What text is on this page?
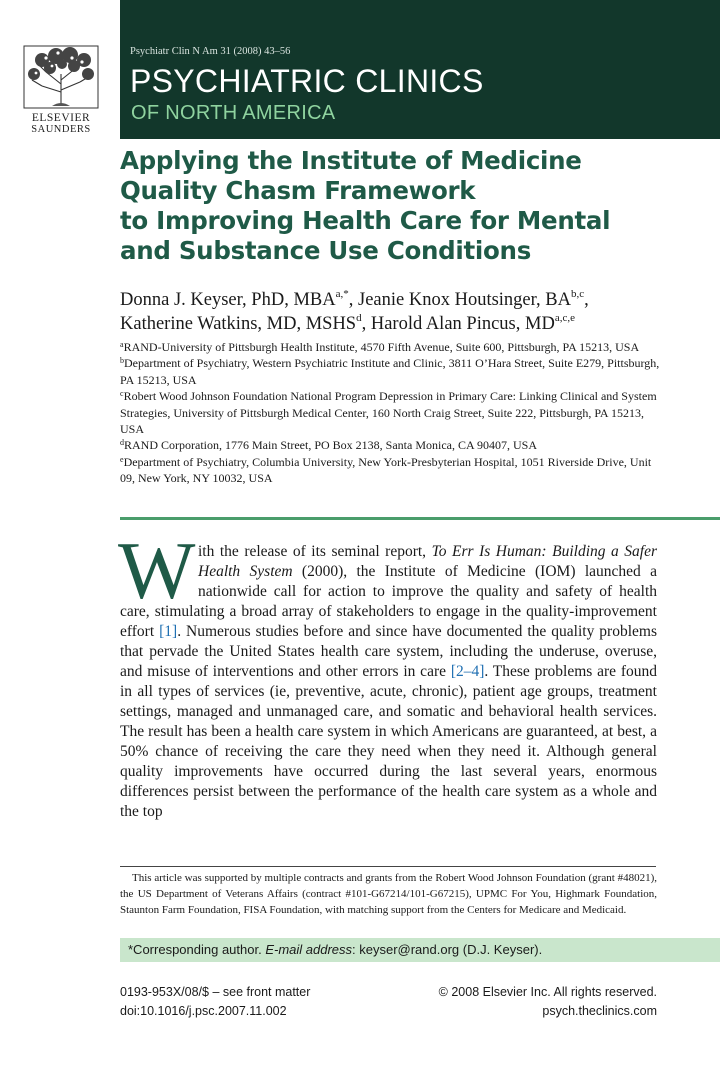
ELSEVIER
SAUNDERS
Psychiatr Clin N Am 31 (2008) 43–56
PSYCHIATRIC CLINICS
OF NORTH AMERICA
Applying the Institute of Medicine
Quality Chasm Framework
to Improving Health Care for Mental
and Substance Use Conditions
Donna J. Keyser, PhD, $MBA^{a,*}$, Jeanie Knox Houtsinger, BA$^{b,c}$,
Katherine Watkins, MD, MSHS$^d$, Harold Alan Pincus, MD$^{a,c,e}$

$^a$RAND-University of Pittsburgh Health Institute, 4570 Fifth Avenue, Suite 600, Pittsburgh, PA 15213, USA

$^b$Department of Psychiatry, Western Psychiatric Institute and Clinic, 3811 O’Hara Street, Suite E279, Pittsburgh, PA 15213, USA

$^c$Robert Wood Johnson Foundation National Program Depression in Primary Care: Linking Clinical and System Strategies, University of Pittsburgh Medical Center, 160 North Craig Street, Suite 222, Pittsburgh, PA 15213, USA

$^d$RAND Corporation, 1776 Main Street, PO Box 2138, Santa Monica, CA 90407, USA

$^e$Department of Psychiatry, Columbia University, New York-Presbyterian Hospital, 1051 Riverside Drive, Unit 09, New York, NY 10032, USA

W ith the release of its seminal report, To Err Is Human: Building a Safer Health System (2000), the Institute of Medicine (IOM) launched a nationwide call for action to improve the quality and safety of health care, stimulating a broad array of stakeholders to engage in the quality-improvement effort [1]. Numerous studies before and since have documented the quality problems that pervade the United States health care system, including the underuse, overuse, and misuse of interventions and other errors in care [2–4]. These problems are found in all types of services (ie, preventive, acute, chronic), patient age groups, treatment settings, managed and unmanaged care, and somatic and behavioral health services. The result has been a health care system in which Americans are guaranteed, at best, a 50% chance of receiving the care they need when they need it. Although general quality improvements have occurred during the last several years, enormous differences persist between the performance of the health care system as a whole and the top
This article was supported by multiple contracts and grants from the Robert Wood Johnson Foundation (grant #48021), the US Department of Veterans Affairs (contract #101-G67214/101-G67215), UPMC For You, Highmark Foundation, Staunton Farm Foundation, FISA Foundation, with matching support from the Centers for Medicare and Medicaid.
*Corresponding author. E-mail address: keyser@rand.org (D.J. Keyser).
0193-953X/08/$ – see front matter
doi:10.1016/j.psc.2007.11.002
© 2008 Elsevier Inc. All rights reserved.
psych.theclinics.com
